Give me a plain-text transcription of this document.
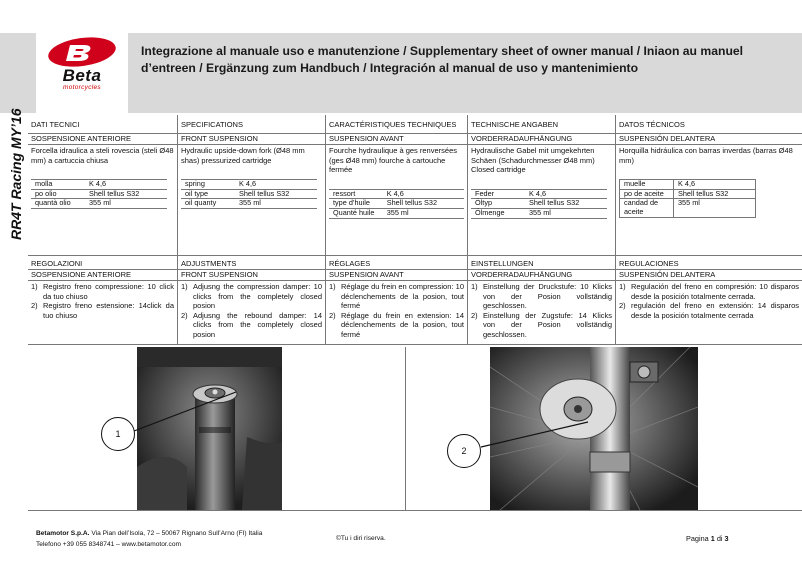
Beta
motorcycles
Integrazione al manuale uso e manutenzione / Supplementary sheet of owner manual / Iniaon au manuel
d’entreen / Ergänzung zum Handbuch / Integración al manual de uso y mantenimiento
RR4T Racing MY’16 DATI TECNICI	SPECIFICATIONS	CARACTÉRISTIQUES TECHNIQUES	TECHNISCHE ANGABEN	DATOS TÉCNICOS
SOSPENSIONE ANTERIORE	FRONT SUSPENSION	SUSPENSION AVANT	VORDERRADAUFHÄNGUNG	SUSPENSIÓN DELANTERA
Forcella idraulica a steli rovescia (steli Ø48 mm) a cartuccia chiusa
molla	K 4,6
po olio	Shell tellus S32
quantà olio	355 ml
Hydraulic upside-down fork (Ø48 mm shas) pressurized cartridge
spring	K 4,6
oil type	Shell tellus S32
oil quanty	355 ml
Fourche hydraulique à ges renversées (ges Ø48 mm) fourche à cartouche fermée
ressort	K 4,6
type d’huile	Shell tellus S32
Quanté huile	355 ml
Hydraulische Gabel mit umgekehrten Schäen (Schadurchmesser Ø48 mm) Closed cartridge
Feder	K 4,6
Öltyp	Shell tellus S32
Ölmenge	355 ml
Horquilla hidráulica con barras inverdas (barras Ø48 mm)
muelle	K 4,6
po de aceite	Shell tellus S32
candad de aceite	355 ml
REGOLAZIONI	ADJUSTMENTS	RÉGLAGES	EINSTELLUNGEN	REGULACIONES
SOSPENSIONE ANTERIORE	FRONT SUSPENSION	SUSPENSION AVANT	VORDERRADAUFHÄNGUNG	SUSPENSIÓN DELANTERA
1) Registro freno compressione: 10 click da tuo chiuso
2) Registro freno estensione: 14click da tuo chiuso
1) Adjusng the compression damper: 10 clicks from the completely closed posion
2) Adjusng the rebound damper: 14 clicks from the completely closed posion
1) Réglage du frein en compression: 10 déclenchements de la posion, tout fermé
2) Réglage du frein en extension: 14 déclenchements de la posion, tout fermé
1) Einstellung der Druckstufe: 10 Klicks von der Posion vollständig geschlossen.
2) Einstellung der Zugstufe: 14 Klicks von der Posion vollständig geschlossen.
1) Regulación del freno en compresión: 10 disparos desde la posición totalmente cerrada.
2) regulación del freno en extensión: 14 disparos desde la posición totalmente cerrada
1
2
Betamotor S.p.A. Via Pian dell’Isola, 72 – 50067 Rignano Sull’Arno (FI) Italia
Telefono +39 055 8348741 – www.betamotor.com
©Tu i diri riserva.	Pagina 1 di 3
